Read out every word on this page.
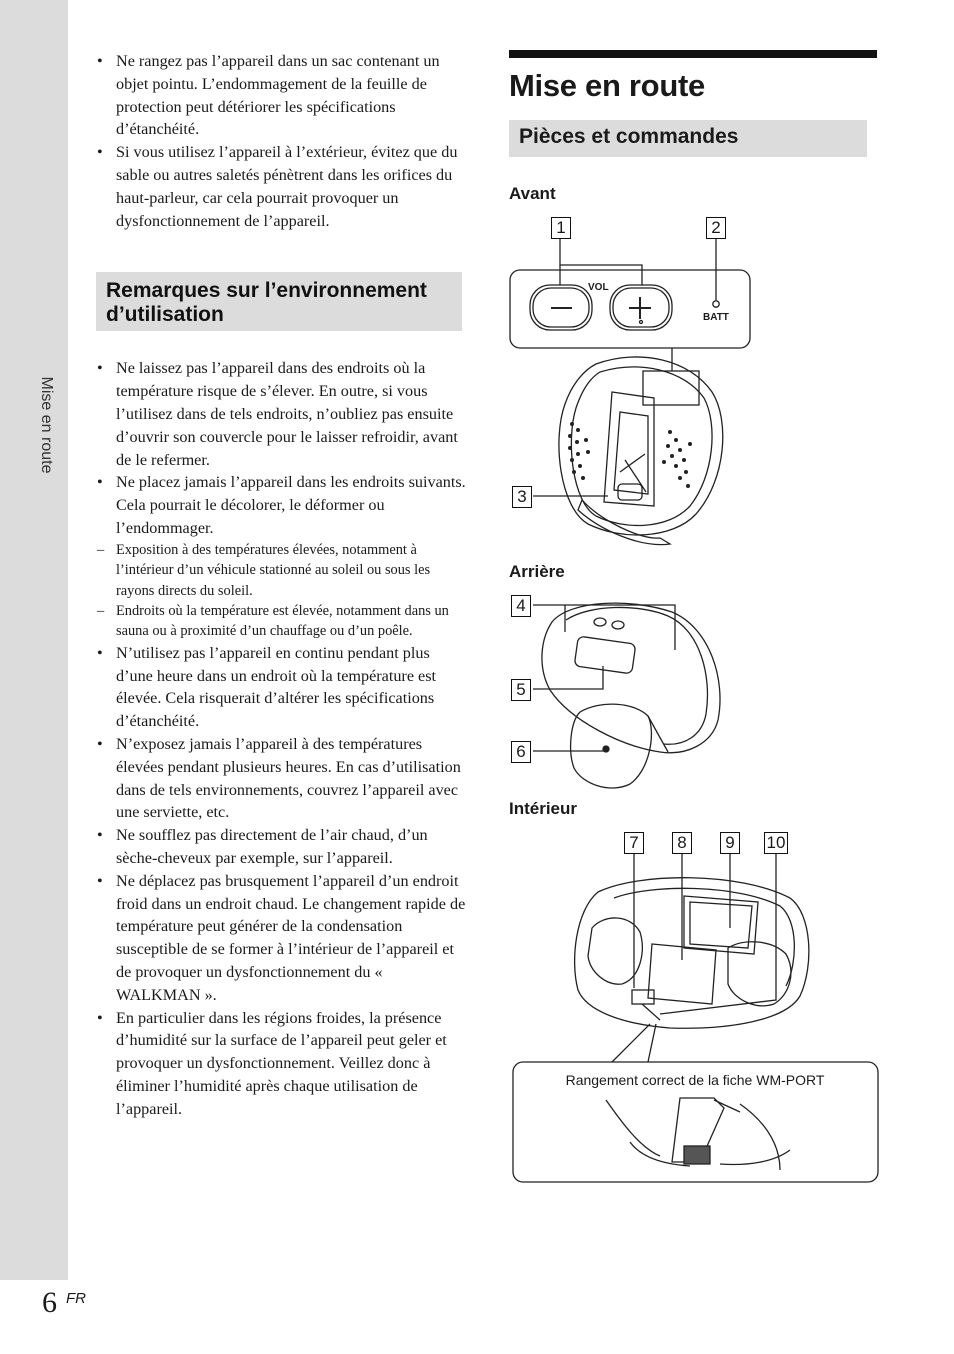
Mise en route
6 FR
• Ne rangez pas l’appareil dans un sac contenant un objet pointu. L’endommagement de la feuille de protection peut détériorer les spécifications d’étanchéité.
• Si vous utilisez l’appareil à l’extérieur, évitez que du sable ou autres saletés pénètrent dans les orifices du haut-parleur, car cela pourrait provoquer un dysfonctionnement de l’appareil.
Remarques sur l’environnement d’utilisation
• Ne laissez pas l’appareil dans des endroits où la température risque de s’élever. En outre, si vous l’utilisez dans de tels endroits, n’oubliez pas ensuite d’ouvrir son couvercle pour le laisser refroidir, avant de le refermer.
• Ne placez jamais l’appareil dans les endroits suivants. Cela pourrait le décolorer, le déformer ou l’endommager.
– Exposition à des températures élevées, notamment à l’intérieur d’un véhicule stationné au soleil ou sous les rayons directs du soleil.
– Endroits où la température est élevée, notamment dans un sauna ou à proximité d’un chauffage ou d’un poêle.
• N’utilisez pas l’appareil en continu pendant plus d’une heure dans un endroit où la température est élevée. Cela risquerait d’altérer les spécifications d’étanchéité.
• N’exposez jamais l’appareil à des températures élevées pendant plusieurs heures. En cas d’utilisation dans de tels environnements, couvrez l’appareil avec une serviette, etc.
• Ne soufflez pas directement de l’air chaud, d’un sèche-cheveux par exemple, sur l’appareil.
• Ne déplacez pas brusquement l’appareil d’un endroit froid dans un endroit chaud. Le changement rapide de température peut générer de la condensation susceptible de se former à l’intérieur de l’appareil et de provoquer un dysfonctionnement du « WALKMAN ».
• En particulier dans les régions froides, la présence d’humidité sur la surface de l’appareil peut geler et provoquer un dysfonctionnement. Veillez donc à éliminer l’humidité après chaque utilisation de l’appareil.
Mise en route
Pièces et commandes
Avant
Arrière
Intérieur
1	2
3
4
5
6
7	8	9	10
VOL
BATT
Rangement correct de la fiche WM-PORT
